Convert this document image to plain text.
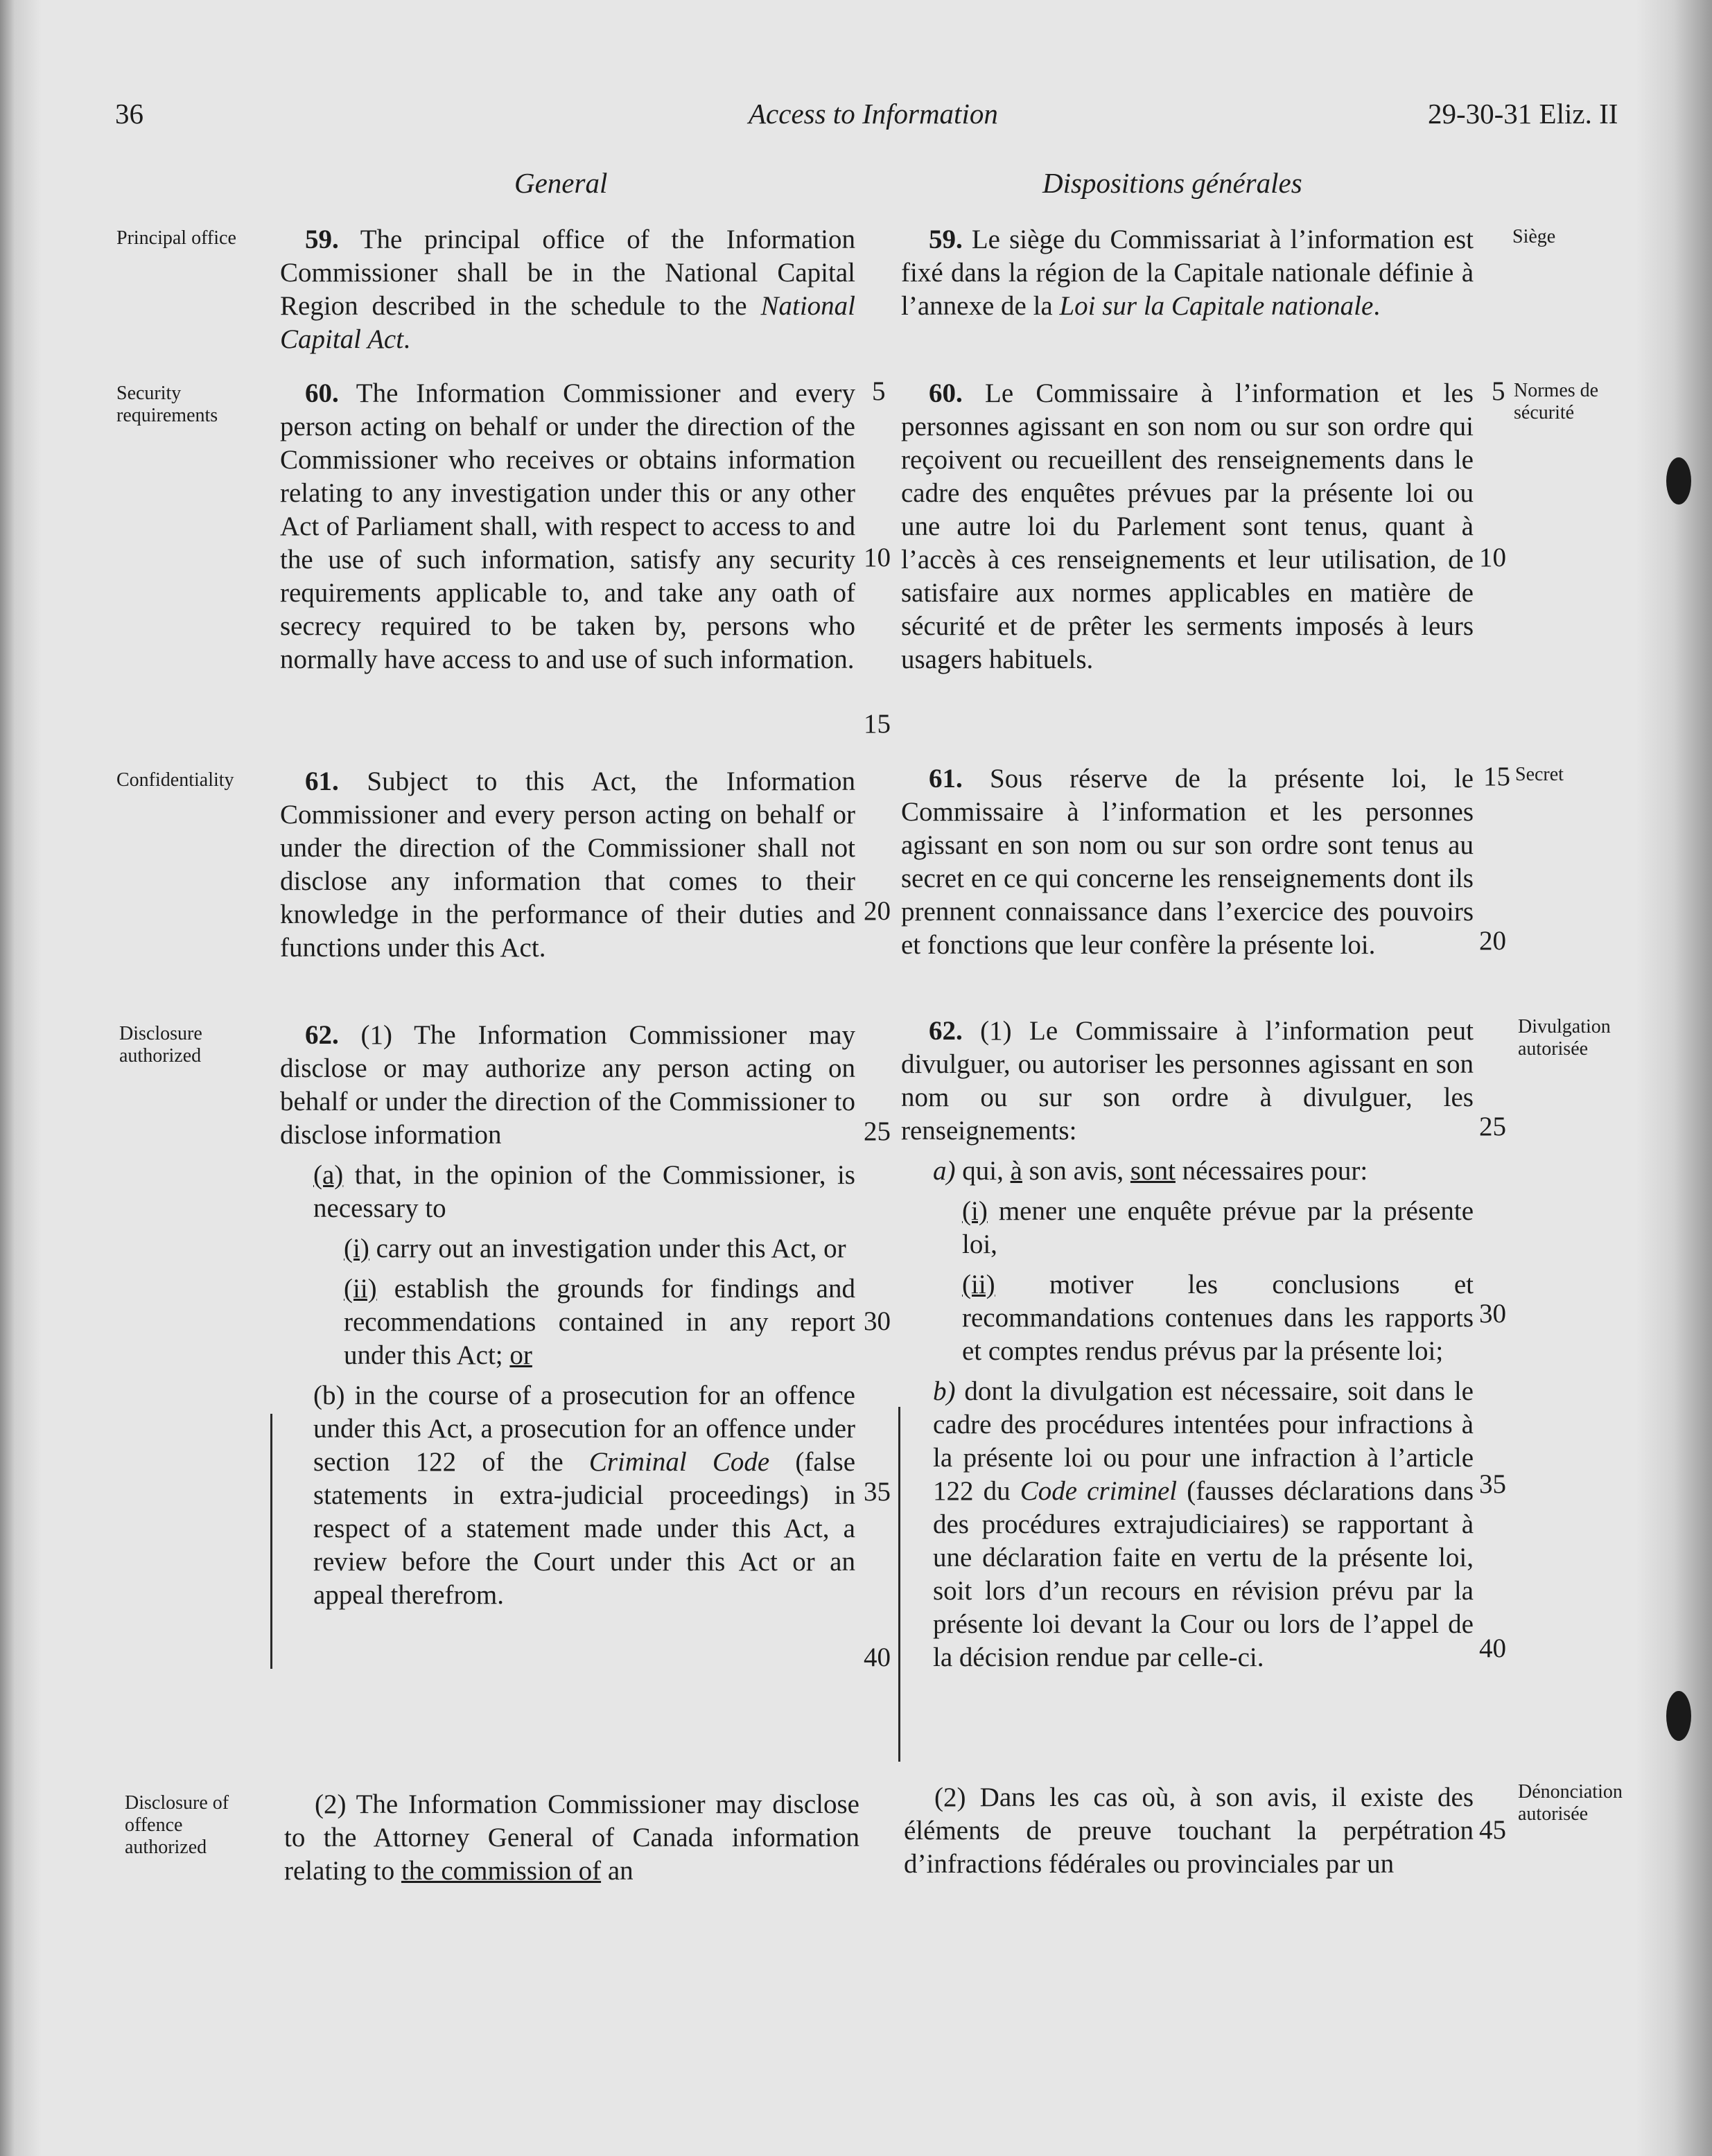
36	Access to Information	29-30-31 Eliz. II
General	Dispositions générales
Principal office
Security requirements
Confidentiality
Disclosure authorized
Disclosure of offence authorized
Siège
Normes de sécurité
Secret
Divulgation autorisée
Dénonciation autorisée
5
10
15
20
25
30
35
40
5
10
15
20
25
30
35
40
45

59. The principal office of the Information Commissioner shall be in the National Capital Region described in the schedule to the National Capital Act.

60. The Information Commissioner and every person acting on behalf or under the direction of the Commissioner who receives or obtains information relating to any investigation under this or any other Act of Parliament shall, with respect to access to and the use of such information, satisfy any security requirements applicable to, and take any oath of secrecy required to be taken by, persons who normally have access to and use of such information.

61. Subject to this Act, the Information Commissioner and every person acting on behalf or under the direction of the Commissioner shall not disclose any information that comes to their knowledge in the performance of their duties and functions under this Act.

62. (1) The Information Commissioner may disclose or may authorize any person acting on behalf or under the direction of the Commissioner to disclose information

(a) that, in the opinion of the Commissioner, is necessary to

(i) carry out an investigation under this Act, or

(ii) establish the grounds for findings and recommendations contained in any report under this Act; or

(b) in the course of a prosecution for an offence under this Act, a prosecution for an offence under section 122 of the Criminal Code (false statements in extra-judicial proceedings) in respect of a statement made under this Act, a review before the Court under this Act or an appeal therefrom.

(2) The Information Commissioner may disclose to the Attorney General of Canada information relating to the commission of an

59. Le siège du Commissariat à l’information est fixé dans la région de la Capitale nationale définie à l’annexe de la Loi sur la Capitale nationale.

60. Le Commissaire à l’information et les personnes agissant en son nom ou sur son ordre qui reçoivent ou recueillent des renseignements dans le cadre des enquêtes prévues par la présente loi ou une autre loi du Parlement sont tenus, quant à l’accès à ces renseignements et leur utilisation, de satisfaire aux normes applicables en matière de sécurité et de prêter les serments imposés à leurs usagers habituels.

61. Sous réserve de la présente loi, le Commissaire à l’information et les personnes agissant en son nom ou sur son ordre sont tenus au secret en ce qui concerne les renseignements dont ils prennent connaissance dans l’exercice des pouvoirs et fonctions que leur confère la présente loi.

62. (1) Le Commissaire à l’information peut divulguer, ou autoriser les personnes agissant en son nom ou sur son ordre à divulguer, les renseignements:

a) qui, à son avis, sont nécessaires pour:

(i) mener une enquête prévue par la présente loi,

(ii) motiver les conclusions et recommandations contenues dans les rapports et comptes rendus prévus par la présente loi;

b) dont la divulgation est nécessaire, soit dans le cadre des procédures intentées pour infractions à la présente loi ou pour une infraction à l’article 122 du Code criminel (fausses déclarations dans des procédures extrajudiciaires) se rapportant à une déclaration faite en vertu de la présente loi, soit lors d’un recours en révision prévu par la présente loi devant la Cour ou lors de l’appel de la décision rendue par celle-ci.

(2) Dans les cas où, à son avis, il existe des éléments de preuve touchant la perpétration d’infractions fédérales ou provinciales par un
